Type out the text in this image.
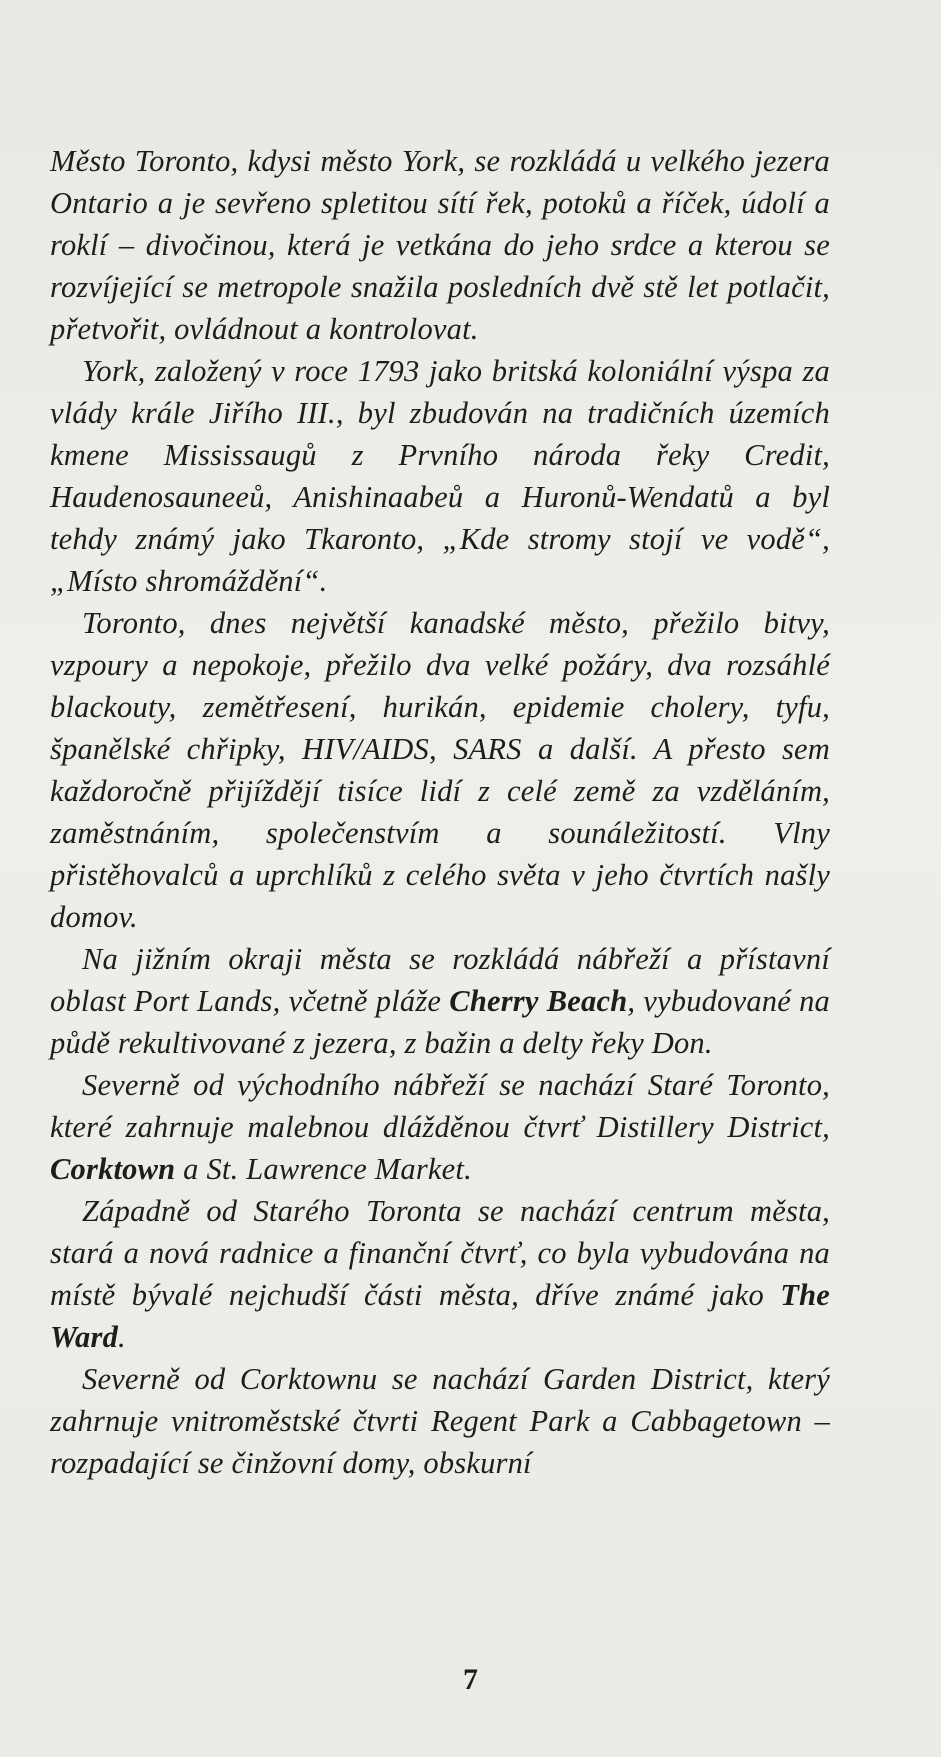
Město Toronto, kdysi město York, se rozkládá u velkého jezera Ontario a je sevřeno spletitou sítí řek, potoků a říček, údolí a roklí – divočinou, která je vetkána do jeho srdce a kterou se rozvíjející se metropole snažila posledních dvě stě let potlačit, přetvořit, ovládnout a kontrolovat.

York, založený v roce 1793 jako britská koloniální výspa za vlády krále Jiřího III., byl zbudován na tradičních územích kmene Mississaugů z Prvního národa řeky Credit, Haudenosauneeů, Anishinaabeů a Huronů-Wendatů a byl tehdy známý jako Tkaronto, „Kde stromy stojí ve vodě“, „Místo shromáždění“.

Toronto, dnes největší kanadské město, přežilo bitvy, vzpoury a nepokoje, přežilo dva velké požáry, dva rozsáhlé blackouty, zemětřesení, hurikán, epidemie cholery, tyfu, španělské chřipky, HIV/AIDS, SARS a další. A přesto sem každoročně přijíždějí tisíce lidí z celé země za vzděláním, zaměstnáním, společenstvím a sounáležitostí. Vlny přistěhovalců a uprchlíků z celého světa v jeho čtvrtích našly domov.

Na jižním okraji města se rozkládá nábřeží a přístavní oblast Port Lands, včetně pláže Cherry Beach, vybudované na půdě rekultivované z jezera, z bažin a delty řeky Don.

Severně od východního nábřeží se nachází Staré Toronto, které zahrnuje malebnou dlážděnou čtvrť Distillery District, Corktown a St. Lawrence Market.

Západně od Starého Toronta se nachází centrum města, stará a nová radnice a finanční čtvrť, co byla vybudována na místě bývalé nejchudší části města, dříve známé jako The Ward.

Severně od Corktownu se nachází Garden District, který zahrnuje vnitroměstské čtvrti Regent Park a Cabbagetown – rozpadající se činžovní domy, obskurní

7
